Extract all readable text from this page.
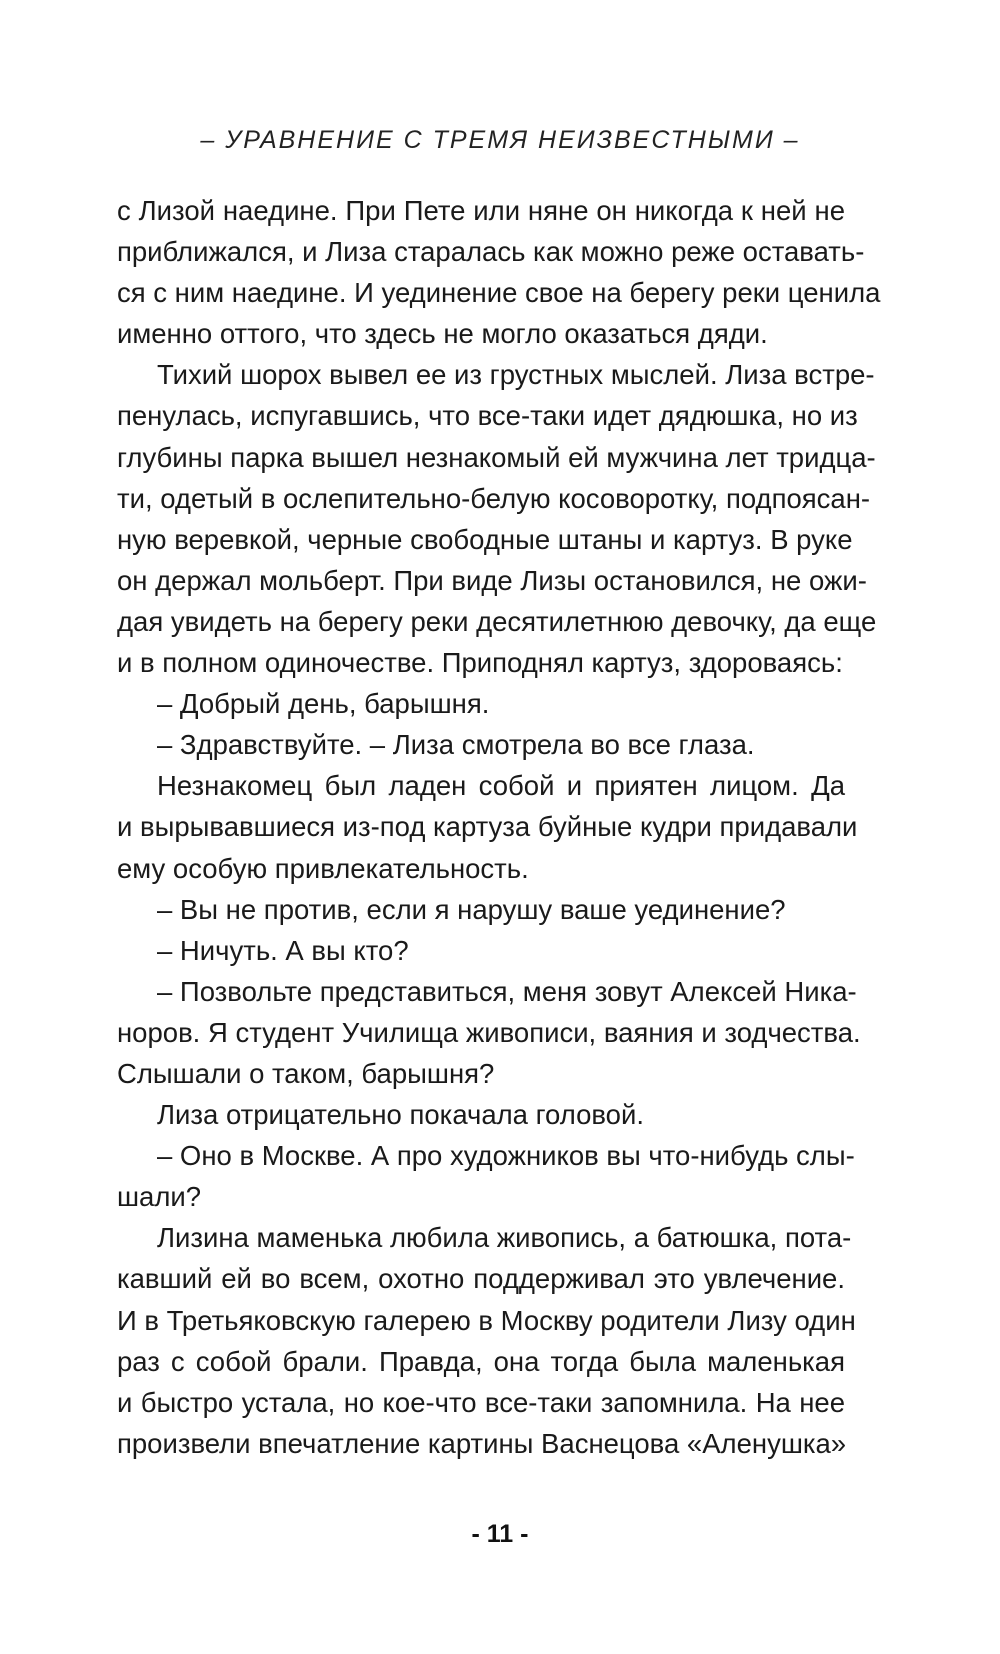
– УРАВНЕНИЕ С ТРЕМЯ НЕИЗВЕСТНЫМИ –
с Лизой наедине. При Пете или няне он никогда к ней не
приближался, и Лиза старалась как можно реже оставать-
ся с ним наедине. И уединение свое на берегу реки ценила
именно оттого, что здесь не могло оказаться дяди.
Тихий шорох вывел ее из грустных мыслей. Лиза встре-
пенулась, испугавшись, что все-таки идет дядюшка, но из
глубины парка вышел незнакомый ей мужчина лет тридца-
ти, одетый в ослепительно-белую косоворотку, подпоясан-
ную веревкой, черные свободные штаны и картуз. В руке
он держал мольберт. При виде Лизы остановился, не ожи-
дая увидеть на берегу реки десятилетнюю девочку, да еще
и в полном одиночестве. Приподнял картуз, здороваясь:
– Добрый день, барышня.
– Здравствуйте. – Лиза смотрела во все глаза.
Незнакомец был ладен собой и приятен лицом. Да
и вырывавшиеся из-под картуза буйные кудри придавали
ему особую привлекательность.
– Вы не против, если я нарушу ваше уединение?
– Ничуть. А вы кто?
– Позвольте представиться, меня зовут Алексей Ника-
норов. Я студент Училища живописи, ваяния и зодчества.
Слышали о таком, барышня?
Лиза отрицательно покачала головой.
– Оно в Москве. А про художников вы что-нибудь слы-
шали?
Лизина маменька любила живопись, а батюшка, пота-
кавший ей во всем, охотно поддерживал это увлечение.
И в Третьяковскую галерею в Москву родители Лизу один
раз с собой брали. Правда, она тогда была маленькая
и быстро устала, но кое-что все-таки запомнила. На нее
произвели впечатление картины Васнецова «Аленушка»
- 11 -
